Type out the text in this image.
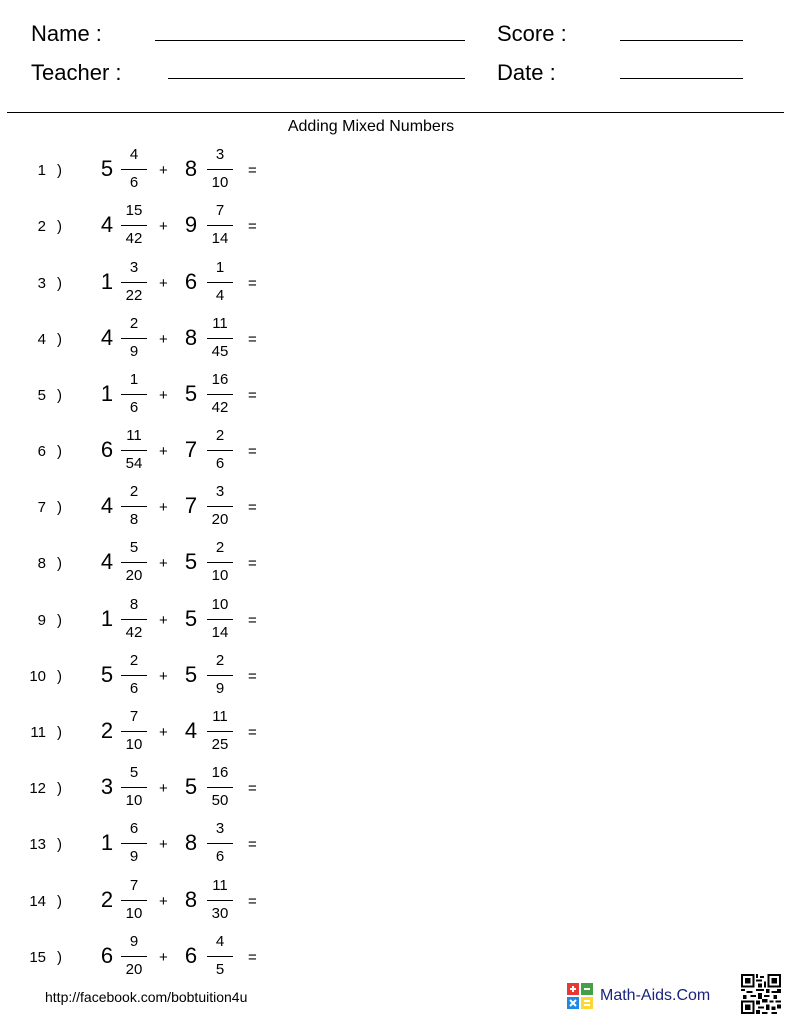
Name :
Teacher :
Score :
Date :
Adding Mixed Numbers
1 ) 5
4
6
+ 8
3
10
=
2 ) 4
15
42
+ 9
7
14
=
3 ) 1
3
22
+ 6
1
4
=
4 ) 4
2
9
+ 8
11
45
=
5 ) 1
1
6
+ 5
16
42
=
6 ) 6
11
54
+ 7
2
6
=
7 ) 4
2
8
+ 7
3
20
=
8 ) 4
5
20
+ 5
2
10
=
9 ) 1
8
42
+ 5
10
14
=
10 ) 5
2
6
+ 5
2
9
=
11 ) 2
7
10
+ 4
11
25
=
12 ) 3
5
10
+ 5
16
50
=
13 ) 1
6
9
+ 8
3
6
=
14 ) 2
7
10
+ 8
11
30
=
15 ) 6
9
20
+ 6
4
5
=
http://facebook.com/bobtuition4u	Math-Aids.Com
